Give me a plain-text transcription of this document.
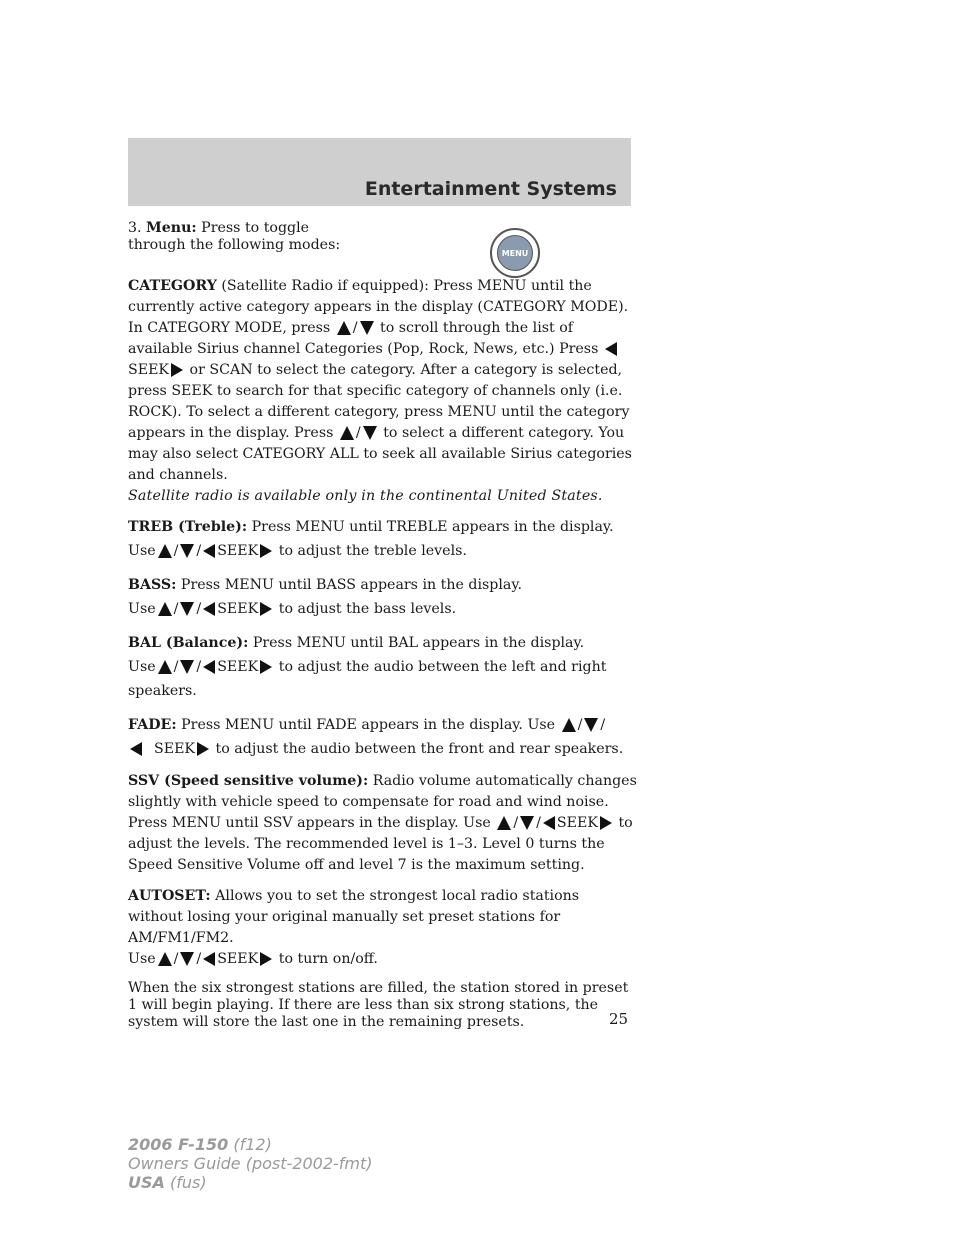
Entertainment Systems
MENU

3. Menu: Press to toggle through the following modes:

CATEGORY (Satellite Radio if equipped): Press MENU until the currently active category appears in the display (CATEGORY MODE). In CATEGORY MODE, press / to scroll through the list of available Sirius channel Categories (Pop, Rock, News, etc.) Press SEEK or SCAN to select the category. After a category is selected, press SEEK to search for that specific category of channels only (i.e. ROCK). To select a different category, press MENU until the category appears in the display. Press / to select a different category. You may also select CATEGORY ALL to seek all available Sirius categories and channels.

Satellite radio is available only in the continental United States.

TREB (Treble): Press MENU until TREBLE appears in the display.
Use / / SEEK to adjust the treble levels.

BASS: Press MENU until BASS appears in the display.
Use / / SEEK to adjust the bass levels.

BAL (Balance): Press MENU until BAL appears in the display.
Use / / SEEK to adjust the audio between the left and right speakers.

FADE: Press MENU until FADE appears in the display. Use / /
SEEK to adjust the audio between the front and rear speakers.

SSV (Speed sensitive volume): Radio volume automatically changes slightly with vehicle speed to compensate for road and wind noise. Press MENU until SSV appears in the display. Use / / SEEK to adjust the levels. The recommended level is 1–3. Level 0 turns the Speed Sensitive Volume off and level 7 is the maximum setting.

AUTOSET: Allows you to set the strongest local radio stations without losing your original manually set preset stations for AM/FM1/FM2.
Use / / SEEK to turn on/off.

When the six strongest stations are filled, the station stored in preset 1 will begin playing. If there are less than six strong stations, the system will store the last one in the remaining presets.	25
2006 F-150 (f12)
Owners Guide (post-2002-fmt)
USA (fus)
